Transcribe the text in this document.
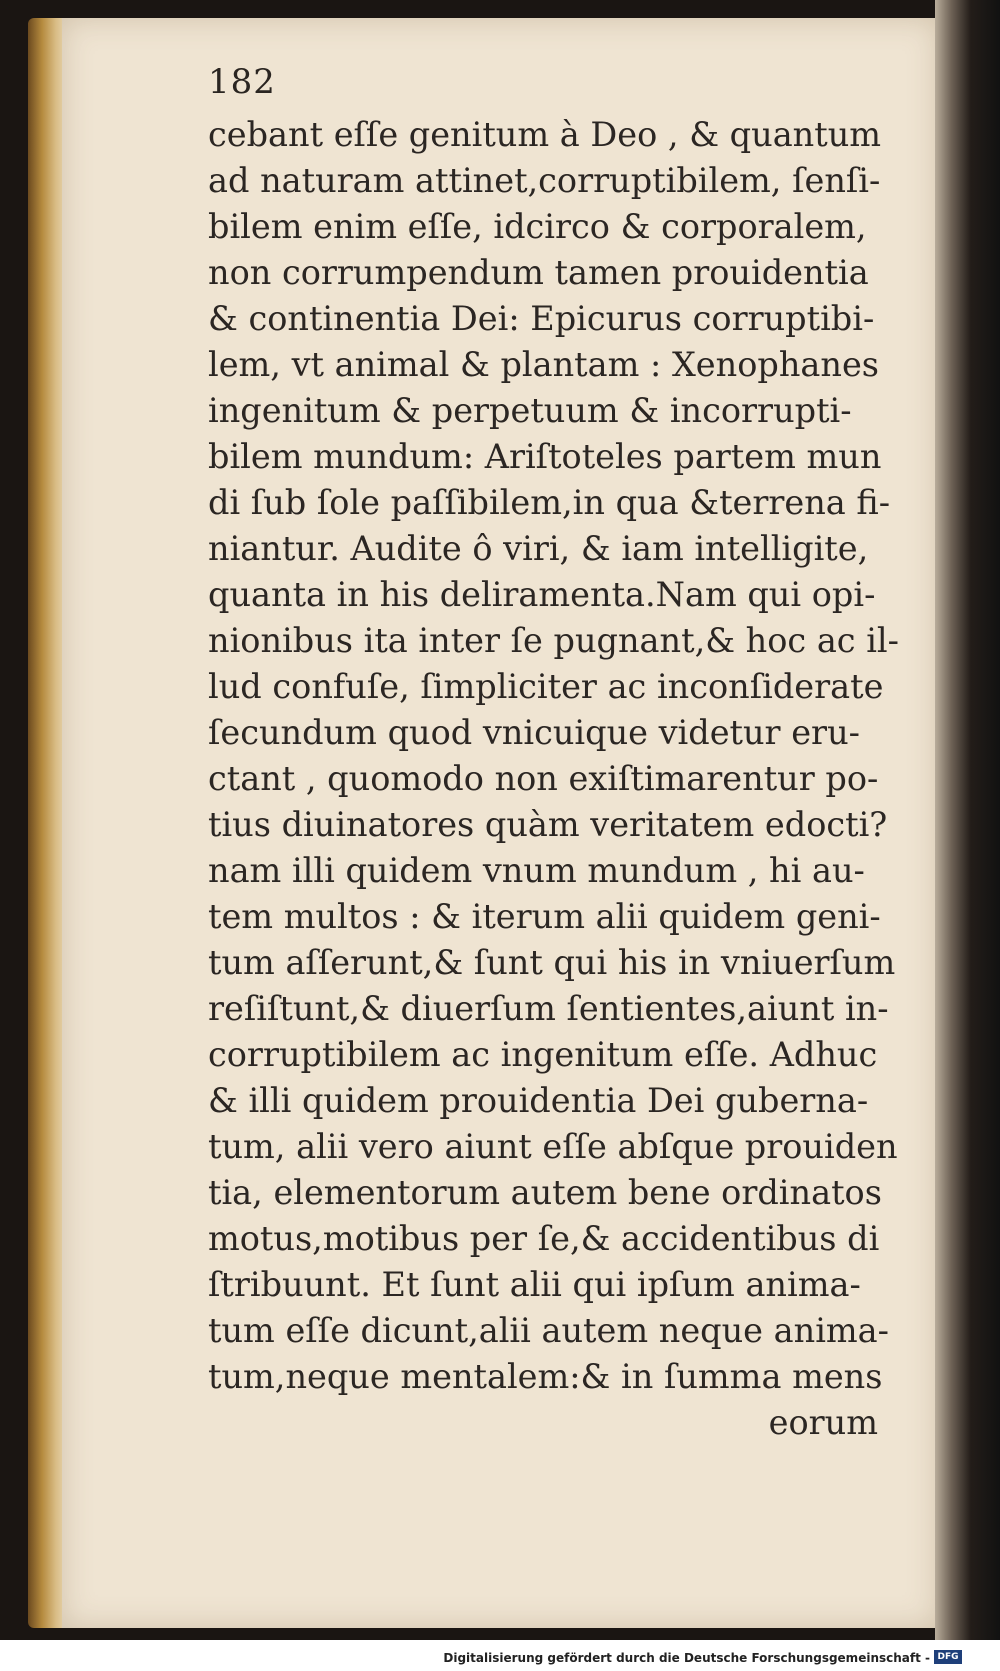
182
cebant eſſe genitum à Deo , & quantum
ad naturam attinet,corruptibilem, ſenſi-
bilem enim eſſe, idcirco & corporalem,
non corrumpendum tamen prouidentia
& continentia Dei: Epicurus corruptibi-
lem, vt animal & plantam : Xenophanes
ingenitum & perpetuum & incorrupti-
bilem mundum: Ariſtoteles partem mun
di ſub ſole paſſibilem,in qua &terrena fi-
niantur. Audite ô viri, & iam intelligite,
quanta in his deliramenta.Nam qui opi-
nionibus ita inter ſe pugnant,& hoc ac il-
lud confuſe, ſimpliciter ac inconſiderate
ſecundum quod vnicuique videtur eru-
ctant , quomodo non exiſtimarentur po-
tius diuinatores quàm veritatem edocti?
nam illi quidem vnum mundum , hi au-
tem multos : & iterum alii quidem geni-
tum aſſerunt,& ſunt qui his in vniuerſum
reſiſtunt,& diuerſum ſentientes,aiunt in-
corruptibilem ac ingenitum eſſe. Adhuc
& illi quidem prouidentia Dei guberna-
tum, alii vero aiunt eſſe abſque prouiden
tia, elementorum autem bene ordinatos
motus,motibus per ſe,& accidentibus di
ſtribuunt. Et ſunt alii qui ipſum anima-
tum eſſe dicunt,alii autem neque anima-
tum,neque mentalem:& in ſumma mens
eorum
Digitalisierung gefördert durch die Deutsche Forschungsgemeinschaft - DFG
